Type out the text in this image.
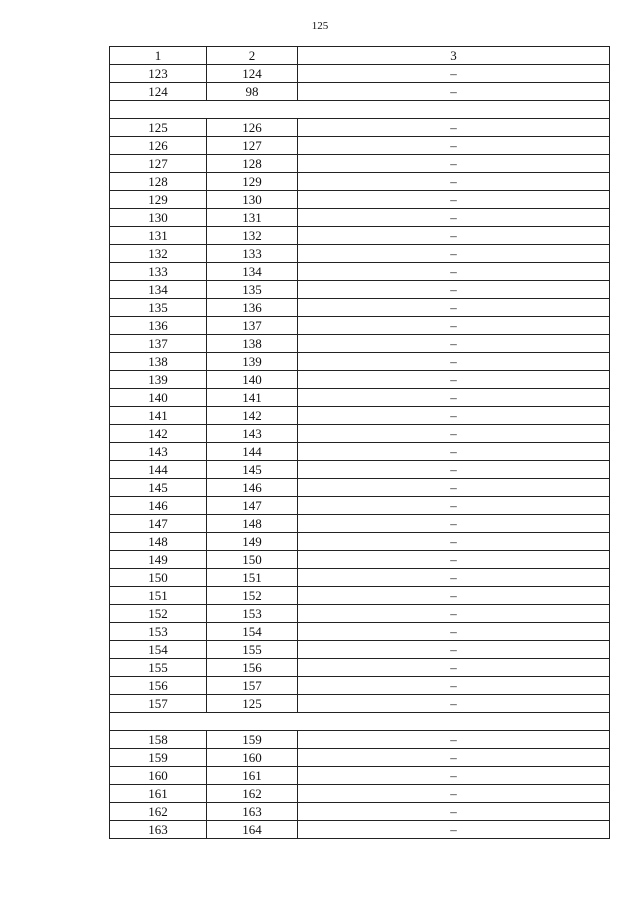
125
1	2	3
123	124	–
124	98	–

125	126	–
126	127	–
127	128	–
128	129	–
129	130	–
130	131	–
131	132	–
132	133	–
133	134	–
134	135	–
135	136	–
136	137	–
137	138	–
138	139	–
139	140	–
140	141	–
141	142	–
142	143	–
143	144	–
144	145	–
145	146	–
146	147	–
147	148	–
148	149	–
149	150	–
150	151	–
151	152	–
152	153	–
153	154	–
154	155	–
155	156	–
156	157	–
157	125	–

158	159	–
159	160	–
160	161	–
161	162	–
162	163	–
163	164	–
